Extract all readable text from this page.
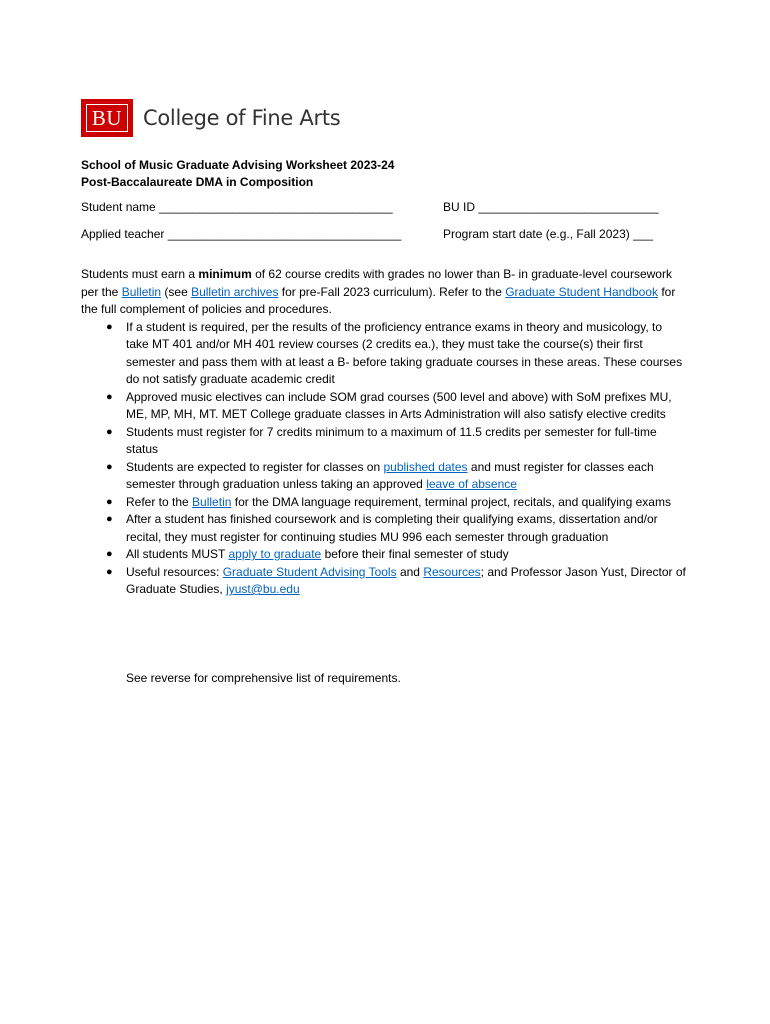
BU College of Fine Arts
School of Music Graduate Advising Worksheet 2023-24
Post-Baccalaureate DMA in Composition
Student name ___________________________________	BU ID ___________________________
Applied teacher ___________________________________	Program start date (e.g., Fall 2023) ___

Students must earn a minimum of 62 course credits with grades no lower than B- in graduate-level coursework per the Bulletin (see Bulletin archives for pre-Fall 2023 curriculum). Refer to the Graduate Student Handbook for the full complement of policies and procedures.

● If a student is required, per the results of the proficiency entrance exams in theory and musicology, to take MT 401 and/or MH 401 review courses (2 credits ea.), they must take the course(s) their first semester and pass them with at least a B- before taking graduate courses in these areas. These courses do not satisfy graduate academic credit
● Approved music electives can include SOM grad courses (500 level and above) with SoM prefixes MU, ME, MP, MH, MT. MET College graduate classes in Arts Administration will also satisfy elective credits
● Students must register for 7 credits minimum to a maximum of 11.5 credits per semester for full-time status
● Students are expected to register for classes on published dates and must register for classes each semester through graduation unless taking an approved leave of absence
● Refer to the Bulletin for the DMA language requirement, terminal project, recitals, and qualifying exams
● After a student has finished coursework and is completing their qualifying exams, dissertation and/or recital, they must register for continuing studies MU 996 each semester through graduation
● All students MUST apply to graduate before their final semester of study
● Useful resources: Graduate Student Advising Tools and Resources; and Professor Jason Yust, Director of Graduate Studies, jyust@bu.edu
See reverse for comprehensive list of requirements.
